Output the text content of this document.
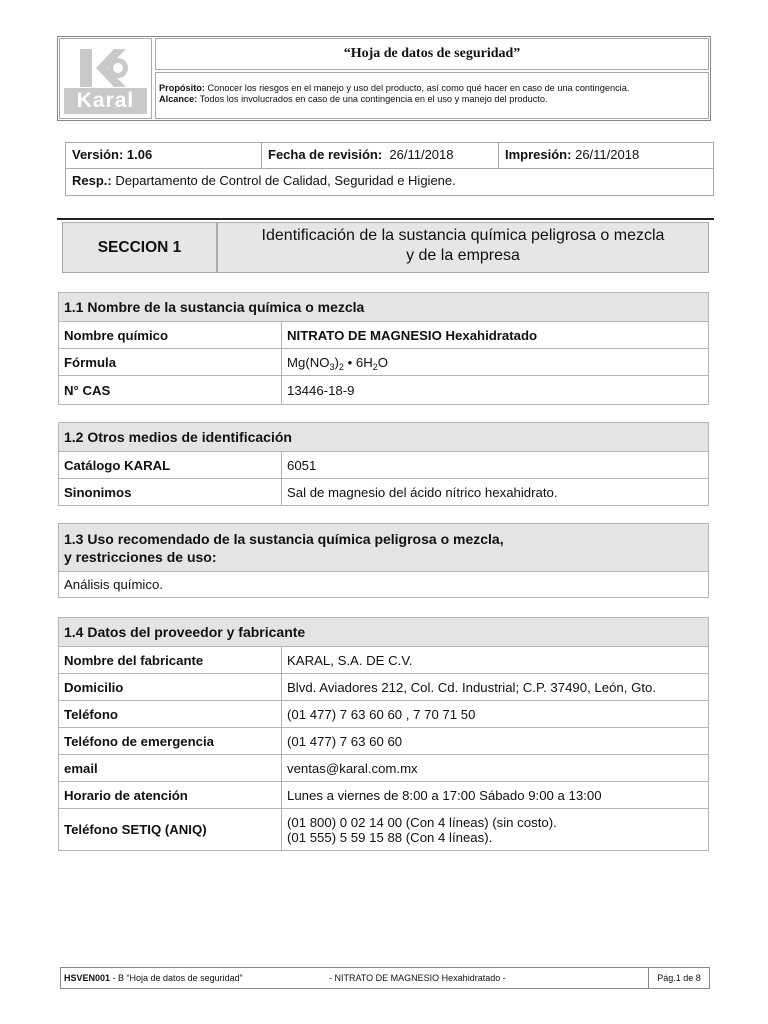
Karal
“Hoja de datos de seguridad”
Propósito: Conocer los riesgos en el manejo y uso del producto, así como qué hacer en caso de una contingencia.
Alcance: Todos los involucrados en caso de una contingencia en el uso y manejo del producto.
Versión: 1.06	Fecha de revisión: 26/11/2018	Impresión: 26/11/2018
Resp.: Departamento de Control de Calidad, Seguridad e Higiene.
SECCION 1
Identificación de la sustancia química peligrosa o mezcla
y de la empresa
1.1 Nombre de la sustancia química o mezcla	
Nombre químico	NITRATO DE MAGNESIO Hexahidratado
Fórmula	$Mg(NO_3)_2$ • $6H_2O$
N° CAS	13446-18-9
1.2 Otros medios de identificación	
Catálogo KARAL	6051
Sinonimos	Sal de magnesio del ácido nítrico hexahidrato.
1.3 Uso recomendado de la sustancia química peligrosa o mezcla,
y restricciones de uso:

Análisis químico.
1.4 Datos del proveedor y fabricante	
Nombre del fabricante	KARAL, S.A. DE C.V.
Domicilio	Blvd. Aviadores 212, Col. Cd. Industrial; C.P. 37490, León, Gto.
Teléfono	(01 477) 7 63 60 60 , 7 70 71 50
Teléfono de emergencia	(01 477) 7 63 60 60
email	ventas@karal.com.mx
Horario de atención	Lunes a viernes de 8:00 a 17:00 Sábado 9:00 a 13:00
Teléfono SETIQ (ANIQ)	(01 800) 0 02 14 00 (Con 4 líneas) (sin costo).
(01 555) 5 59 15 88 (Con 4 líneas).
HSVEN001 - B “Hoja de datos de seguridad”	- NITRATO DE MAGNESIO Hexahidratado -	Pág.1 de 8
